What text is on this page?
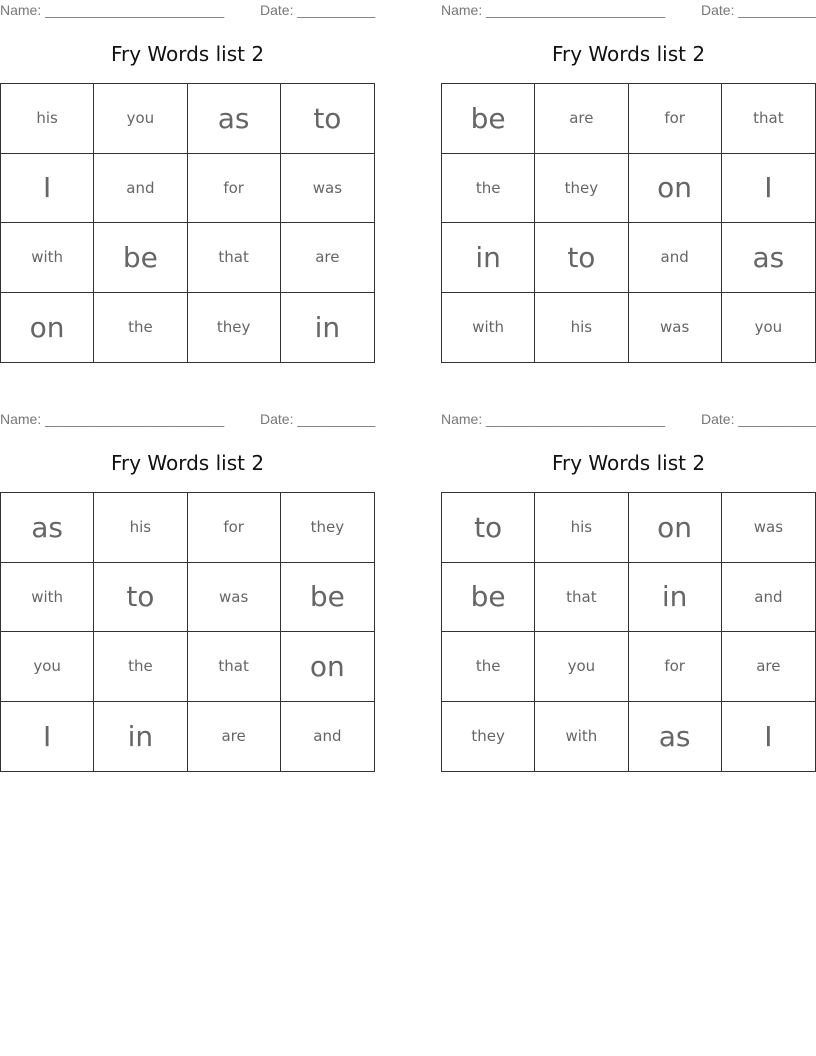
Name: _______________________	Date: __________
Fry Words list 2
his	you	as	to
I	and	for	was
with	be	that	are
on	the	they	in
Name: _______________________	Date: __________
Fry Words list 2
be	are	for	that
the	they	on	I
in	to	and	as
with	his	was	you
Name: _______________________	Date: __________
Fry Words list 2
as	his	for	they
with	to	was	be
you	the	that	on
I	in	are	and
Name: _______________________	Date: __________
Fry Words list 2
to	his	on	was
be	that	in	and
the	you	for	are
they	with	as	I
